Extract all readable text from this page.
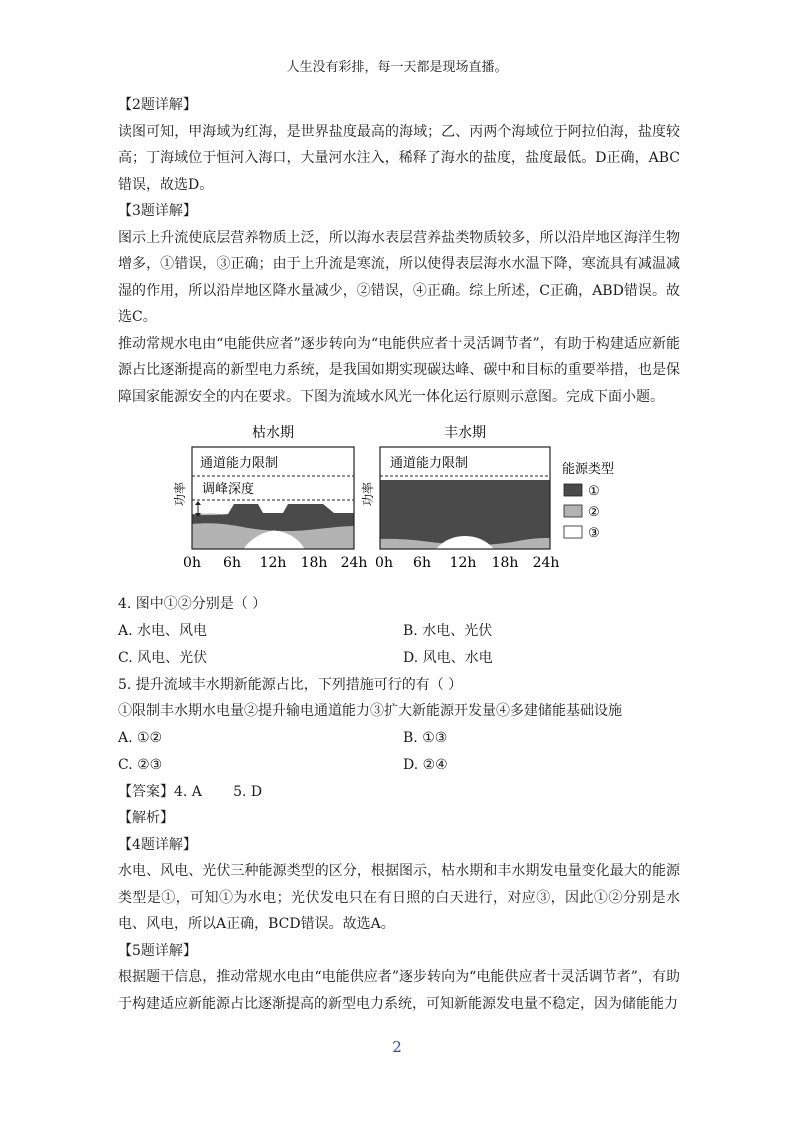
人生没有彩排，每一天都是现场直播。

【2题详解】

读图可知，甲海域为红海，是世界盐度最高的海域；乙、丙两个海域位于阿拉伯海，盐度较高；丁海域位于恒河入海口，大量河水注入，稀释了海水的盐度，盐度最低。D正确，ABC错误，故选D。

【3题详解】

图示上升流使底层营养物质上泛，所以海水表层营养盐类物质较多，所以沿岸地区海洋生物增多，①错误，③正确；由于上升流是寒流，所以使得表层海水水温下降，寒流具有减温减湿的作用，所以沿岸地区降水量减少，②错误，④正确。综上所述，C正确，ABD错误。故选C。

推动常规水电由“电能供应者”逐步转向为“电能供应者十灵活调节者”，有助于构建适应新能源占比逐渐提高的新型电力系统，是我国如期实现碳达峰、碳中和目标的重要举措，也是保障国家能源安全的内在要求。下图为流域水风光一体化运行原则示意图。完成下面小题。

枯水期	丰水期
通道能力限制
调峰深度
通道能力限制
功率	功率
0h 6h 12h 18h 24h 0h 6h 12h 18h 24h
能源类型
①
②
③

4. 图中①②分别是（ ）

A. 水电、风电	B. 水电、光伏
C. 风电、光伏	D. 风电、水电

5. 提升流域丰水期新能源占比，下列措施可行的有（ ）

①限制丰水期水电量②提升输电通道能力③扩大新能源开发量④多建储能基础设施

A. ①②	B. ①③
C. ②③	D. ②④

【答案】4. A       5. D

【解析】

【4题详解】

水电、风电、光伏三种能源类型的区分，根据图示，枯水期和丰水期发电量变化最大的能源类型是①，可知①为水电；光伏发电只在有日照的白天进行，对应③，因此①②分别是水电、风电，所以A正确，BCD错误。故选A。

【5题详解】

根据题干信息，推动常规水电由“电能供应者”逐步转向为“电能供应者十灵活调节者”，有助于构建适应新能源占比逐渐提高的新型电力系统，可知新能源发电量不稳定，因为储能能力

2
